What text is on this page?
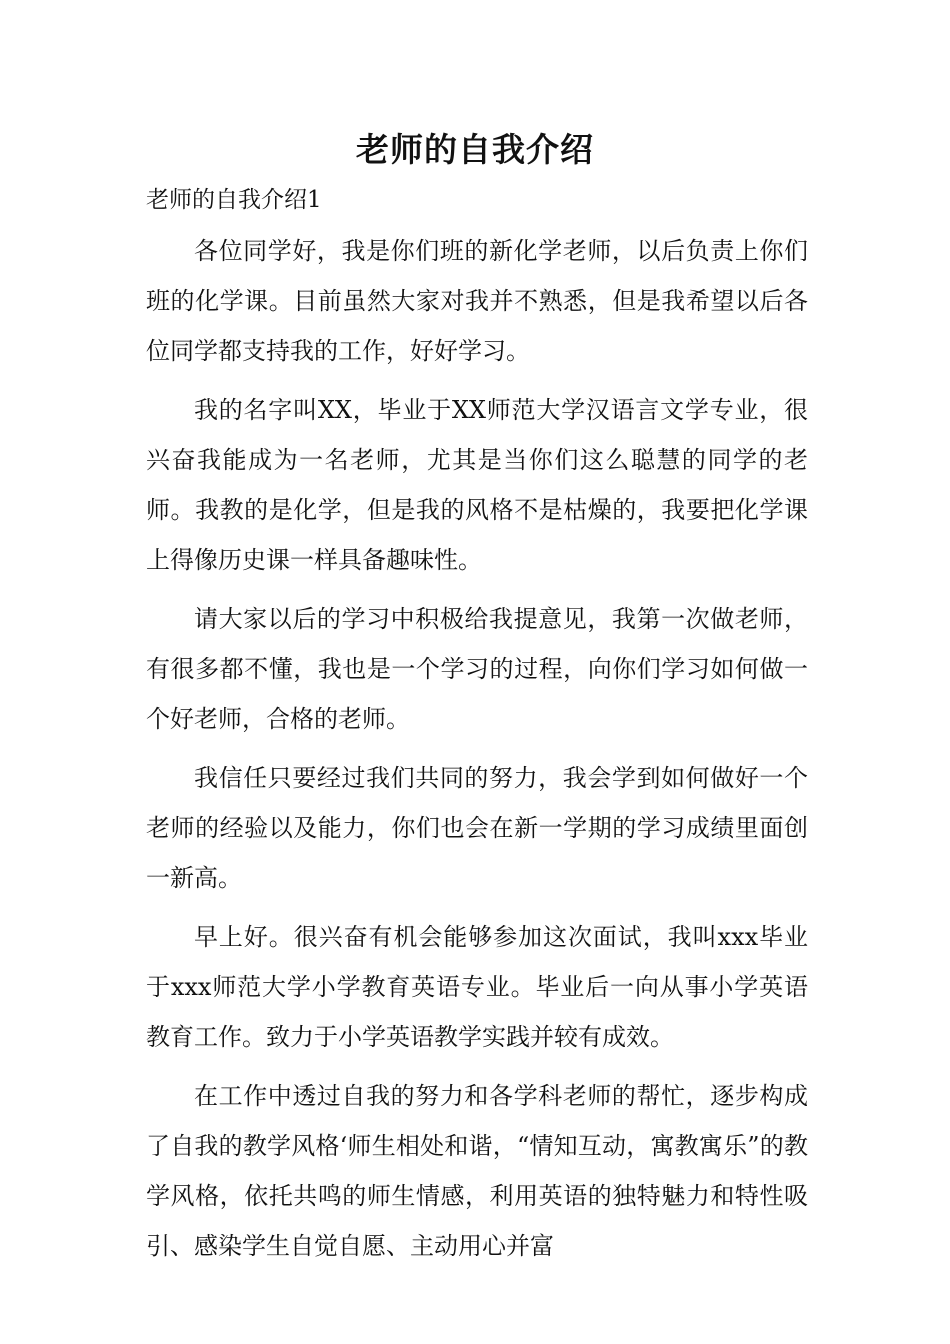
老师的自我介绍
老师的自我介绍1

各位同学好，我是你们班的新化学老师，以后负责上你们班的化学课。目前虽然大家对我并不熟悉，但是我希望以后各位同学都支持我的工作，好好学习。

我的名字叫XX，毕业于XX师范大学汉语言文学专业，很兴奋我能成为一名老师，尤其是当你们这么聪慧的同学的老师。我教的是化学，但是我的风格不是枯燥的，我要把化学课上得像历史课一样具备趣味性。

请大家以后的学习中积极给我提意见，我第一次做老师，有很多都不懂，我也是一个学习的过程，向你们学习如何做一个好老师，合格的老师。

我信任只要经过我们共同的努力，我会学到如何做好一个老师的经验以及能力，你们也会在新一学期的学习成绩里面创一新高。

早上好。很兴奋有机会能够参加这次面试，我叫xxx毕业于xxx师范大学小学教育英语专业。毕业后一向从事小学英语教育工作。致力于小学英语教学实践并较有成效。

在工作中透过自我的努力和各学科老师的帮忙，逐步构成了自我的教学风格‘师生相处和谐，“情知互动，寓教寓乐”的教学风格，依托共鸣的师生情感，利用英语的独特魅力和特性吸引、感染学生自觉自愿、主动用心并富
